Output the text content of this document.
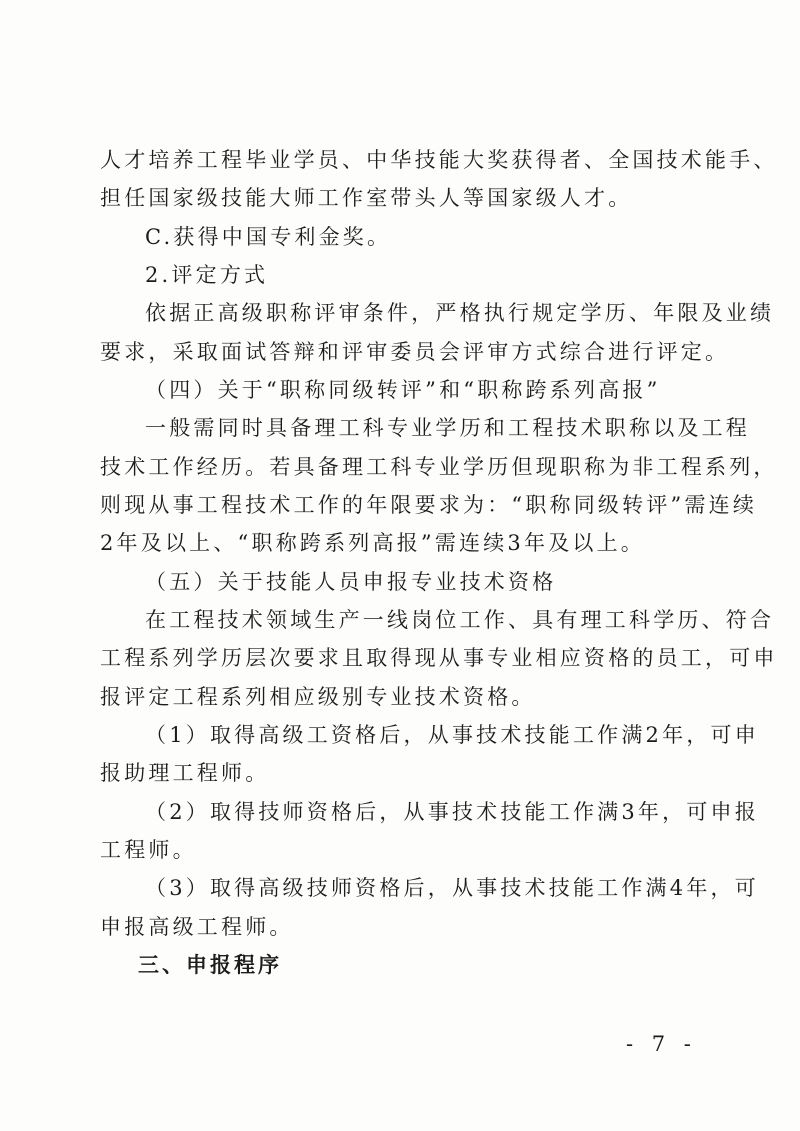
人才培养工程毕业学员、中华技能大奖获得者、全国技术能手、
担任国家级技能大师工作室带头人等国家级人才。
C.获得中国专利金奖。
2.评定方式
依据正高级职称评审条件，严格执行规定学历、年限及业绩
要求，采取面试答辩和评审委员会评审方式综合进行评定。
（四）关于“职称同级转评”和“职称跨系列高报”
一般需同时具备理工科专业学历和工程技术职称以及工程
技术工作经历。若具备理工科专业学历但现职称为非工程系列，
则现从事工程技术工作的年限要求为：“职称同级转评”需连续
2年及以上、“职称跨系列高报”需连续3年及以上。
（五）关于技能人员申报专业技术资格
在工程技术领域生产一线岗位工作、具有理工科学历、符合
工程系列学历层次要求且取得现从事专业相应资格的员工，可申
报评定工程系列相应级别专业技术资格。
（1）取得高级工资格后，从事技术技能工作满2年，可申
报助理工程师。
（2）取得技师资格后，从事技术技能工作满3年，可申报
工程师。
（3）取得高级技师资格后，从事技术技能工作满4年，可
申报高级工程师。
三、申报程序
- 7 -
